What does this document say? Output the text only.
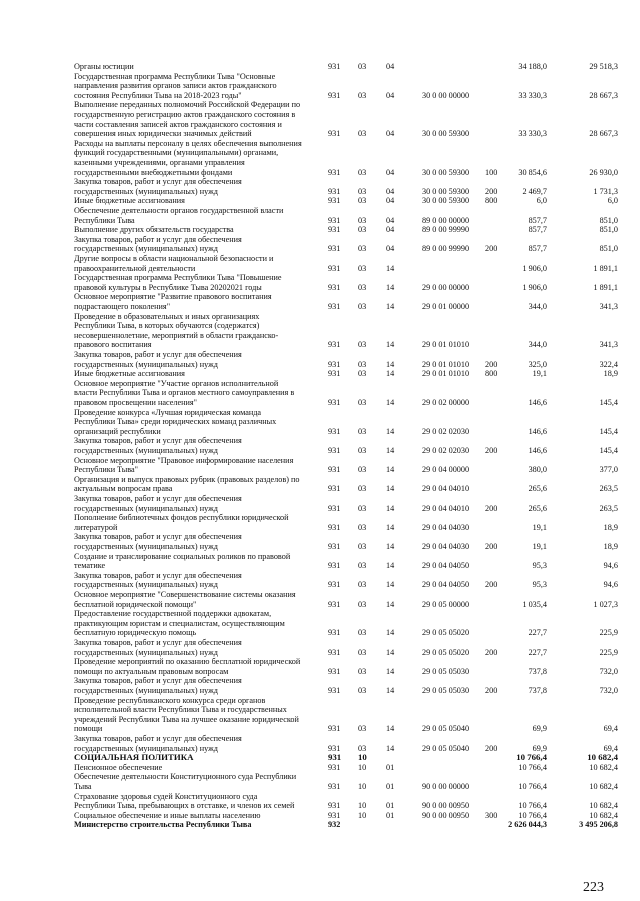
Органы юстиции	931 03 04	34 188,0	29 518,3
Государственная программа Республики Тыва "Основные
направления развития органов записи актов гражданского
состояния Республики Тыва на 2018-2023 годы"	931 03 04	30 0 00 00000	33 330,3	28 667,3
Выполнение переданных полномочий Российской Федерации по
государственную регистрацию актов гражданского состояния в
части составления записей актов гражданского состояния и
совершения иных юридически значимых действий	931 03 04	30 0 00 59300	33 330,3	28 667,3
Расходы на выплаты персоналу в целях обеспечения выполнения
функций государственными (муниципальными) органами,
казенными учреждениями, органами управления
государственными внебюджетными фондами	931 03 04	30 0 00 59300 100	30 854,6	26 930,0
Закупка товаров, работ и услуг для обеспечения
государственных (муниципальных) нужд	931 03 04	30 0 00 59300 200	2 469,7	1 731,3
Иные бюджетные ассигнования	931 03 04	30 0 00 59300 800	6,0	6,0
Обеспечение деятельности органов государственной власти
Республики Тыва	931 03 04	89 0 00 00000	857,7	851,0
Выполнение других обязательств государства	931 03 04	89 0 00 99990	857,7	851,0
Закупка товаров, работ и услуг для обеспечения
государственных (муниципальных) нужд	931 03 04	89 0 00 99990 200	857,7	851,0
Другие вопросы в области национальной безопасности и
правоохранительной деятельности	931 03 14	1 906,0	1 891,1
Государственная программа Республики Тыва "Повышение
правовой культуры в Республике Тыва 20202021 годы	931 03 14	29 0 00 00000	1 906,0	1 891,1
Основное мероприятие "Развитие правового воспитания
подрастающего поколения"	931 03 14	29 0 01 00000	344,0	341,3
Проведение в образовательных и иных организациях
Республики Тыва, в которых обучаются (содержатся)
несовершеннолетние, мероприятий в области гражданско-
правового воспитания	931 03 14	29 0 01 01010	344,0	341,3
Закупка товаров, работ и услуг для обеспечения
государственных (муниципальных) нужд	931 03 14	29 0 01 01010 200	325,0	322,4
Иные бюджетные ассигнования	931 03 14	29 0 01 01010 800	19,1	18,9
Основное мероприятие "Участие органов исполнительной
власти Республики Тыва и органов местного самоуправления в
правовом просвещении населения"	931 03 14	29 0 02 00000	146,6	145,4
Проведение конкурса «Лучшая юридическая команда
Республики Тыва» среди юридических команд различных
организаций республики	931 03 14	29 0 02 02030	146,6	145,4
Закупка товаров, работ и услуг для обеспечения
государственных (муниципальных) нужд	931 03 14	29 0 02 02030 200	146,6	145,4
Основное мероприятие "Правовое информирование населения
Республики Тыва"	931 03 14	29 0 04 00000	380,0	377,0
Организация и выпуск правовых рубрик (правовых разделов) по
актуальным вопросам права	931 03 14	29 0 04 04010	265,6	263,5
Закупка товаров, работ и услуг для обеспечения
государственных (муниципальных) нужд	931 03 14	29 0 04 04010 200	265,6	263,5
Пополнение библиотечных фондов республики юридической
литературой	931 03 14	29 0 04 04030	19,1	18,9
Закупка товаров, работ и услуг для обеспечения
государственных (муниципальных) нужд	931 03 14	29 0 04 04030 200	19,1	18,9
Создание и транслирование социальных роликов по правовой
тематике	931 03 14	29 0 04 04050	95,3	94,6
Закупка товаров, работ и услуг для обеспечения
государственных (муниципальных) нужд	931 03 14	29 0 04 04050 200	95,3	94,6
Основное мероприятие "Совершенствование системы оказания
бесплатной юридической помощи"	931 03 14	29 0 05 00000	1 035,4	1 027,3
Предоставление государственной поддержки адвокатам,
практикующим юристам и специалистам, осуществляющим
бесплатную юридическую помощь	931 03 14	29 0 05 05020	227,7	225,9
Закупка товаров, работ и услуг для обеспечения
государственных (муниципальных) нужд	931 03 14	29 0 05 05020 200	227,7	225,9
Проведение мероприятий по оказанию бесплатной юридической
помощи по актуальным правовым вопросам	931 03 14	29 0 05 05030	737,8	732,0
Закупка товаров, работ и услуг для обеспечения
государственных (муниципальных) нужд	931 03 14	29 0 05 05030 200	737,8	732,0
Проведение республиканского конкурса среди органов
исполнительной власти Республики Тыва и государственных
учреждений Республики Тыва на лучшее оказание юридической
помощи	931 03 14	29 0 05 05040	69,9	69,4
Закупка товаров, работ и услуг для обеспечения
государственных (муниципальных) нужд	931 03 14	29 0 05 05040 200	69,9	69,4
СОЦИАЛЬНАЯ ПОЛИТИКА	931 10	10 766,4	10 682,4
Пенсионное обеспечение	931 10 01	10 766,4	10 682,4
Обеспечение деятельности Конституционного суда Республики
Тыва	931 10 01	90 0 00 00000	10 766,4	10 682,4
Страхование здоровья судей Конституционного суда
Республики Тыва, пребывающих в отставке, и членов их семей	931 10 01	90 0 00 00950	10 766,4	10 682,4
Социальное обеспечение и иные выплаты населению	931 10 01	90 0 00 00950 300	10 766,4	10 682,4
Министерство строительства Республики Тыва	932	2 626 044,3	3 495 206,8
223
